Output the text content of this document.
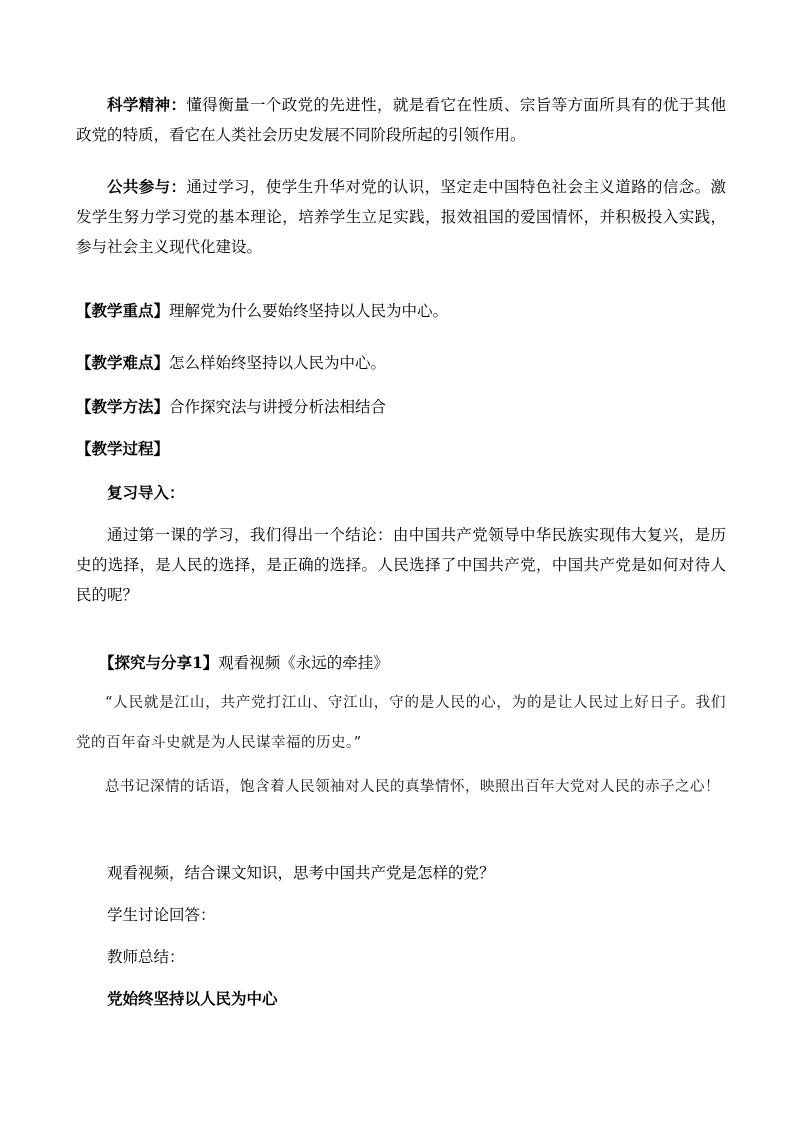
科学精神：懂得衡量一个政党的先进性，就是看它在性质、宗旨等方面所具有的优于其他政党的特质，看它在人类社会历史发展不同阶段所起的引领作用。

公共参与：通过学习，使学生升华对党的认识，坚定走中国特色社会主义道路的信念。激发学生努力学习党的基本理论，培养学生立足实践，报效祖国的爱国情怀，并积极投入实践，参与社会主义现代化建设。

【教学重点】理解党为什么要始终坚持以人民为中心。

【教学难点】怎么样始终坚持以人民为中心。

【教学方法】合作探究法与讲授分析法相结合

【教学过程】

复习导入：

通过第一课的学习，我们得出一个结论：由中国共产党领导中华民族实现伟大复兴，是历史的选择，是人民的选择，是正确的选择。人民选择了中国共产党，中国共产党是如何对待人民的呢？

【探究与分享1】观看视频《永远的牵挂》

“人民就是江山，共产党打江山、守江山，守的是人民的心，为的是让人民过上好日子。我们党的百年奋斗史就是为人民谋幸福的历史。”

总书记深情的话语，饱含着人民领袖对人民的真挚情怀，映照出百年大党对人民的赤子之心！

观看视频，结合课文知识，思考中国共产党是怎样的党？

学生讨论回答：

教师总结：

党始终坚持以人民为中心
